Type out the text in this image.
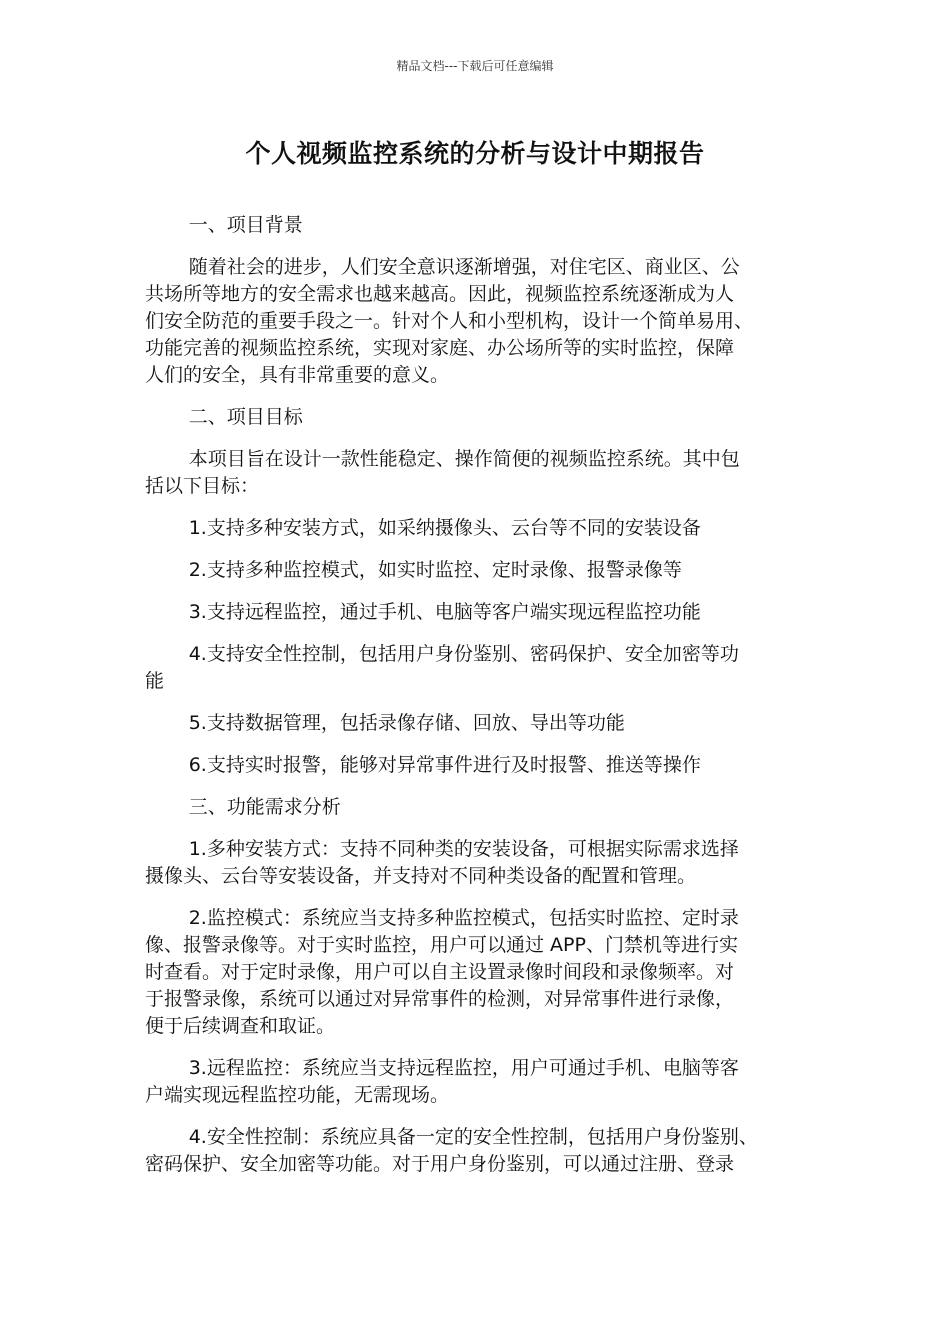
精品文档---下载后可任意编辑
个人视频监控系统的分析与设计中期报告

一、项目背景

随着社会的进步，人们安全意识逐渐增强，对住宅区、商业区、公
共场所等地方的安全需求也越来越高。因此，视频监控系统逐渐成为人
们安全防范的重要手段之一。针对个人和小型机构，设计一个简单易用、
功能完善的视频监控系统，实现对家庭、办公场所等的实时监控，保障
人们的安全，具有非常重要的意义。

二、项目目标

本项目旨在设计一款性能稳定、操作简便的视频监控系统。其中包
括以下目标：

1.支持多种安装方式，如采纳摄像头、云台等不同的安装设备

2.支持多种监控模式，如实时监控、定时录像、报警录像等

3.支持远程监控，通过手机、电脑等客户端实现远程监控功能

4.支持安全性控制，包括用户身份鉴别、密码保护、安全加密等功
能

5.支持数据管理，包括录像存储、回放、导出等功能

6.支持实时报警，能够对异常事件进行及时报警、推送等操作

三、功能需求分析

1.多种安装方式：支持不同种类的安装设备，可根据实际需求选择
摄像头、云台等安装设备，并支持对不同种类设备的配置和管理。

2.监控模式：系统应当支持多种监控模式，包括实时监控、定时录
像、报警录像等。对于实时监控，用户可以通过 APP、门禁机等进行实
时查看。对于定时录像，用户可以自主设置录像时间段和录像频率。对
于报警录像，系统可以通过对异常事件的检测，对异常事件进行录像，
便于后续调查和取证。

3.远程监控：系统应当支持远程监控，用户可通过手机、电脑等客
户端实现远程监控功能，无需现场。

4.安全性控制：系统应具备一定的安全性控制，包括用户身份鉴别、
密码保护、安全加密等功能。对于用户身份鉴别，可以通过注册、登录
